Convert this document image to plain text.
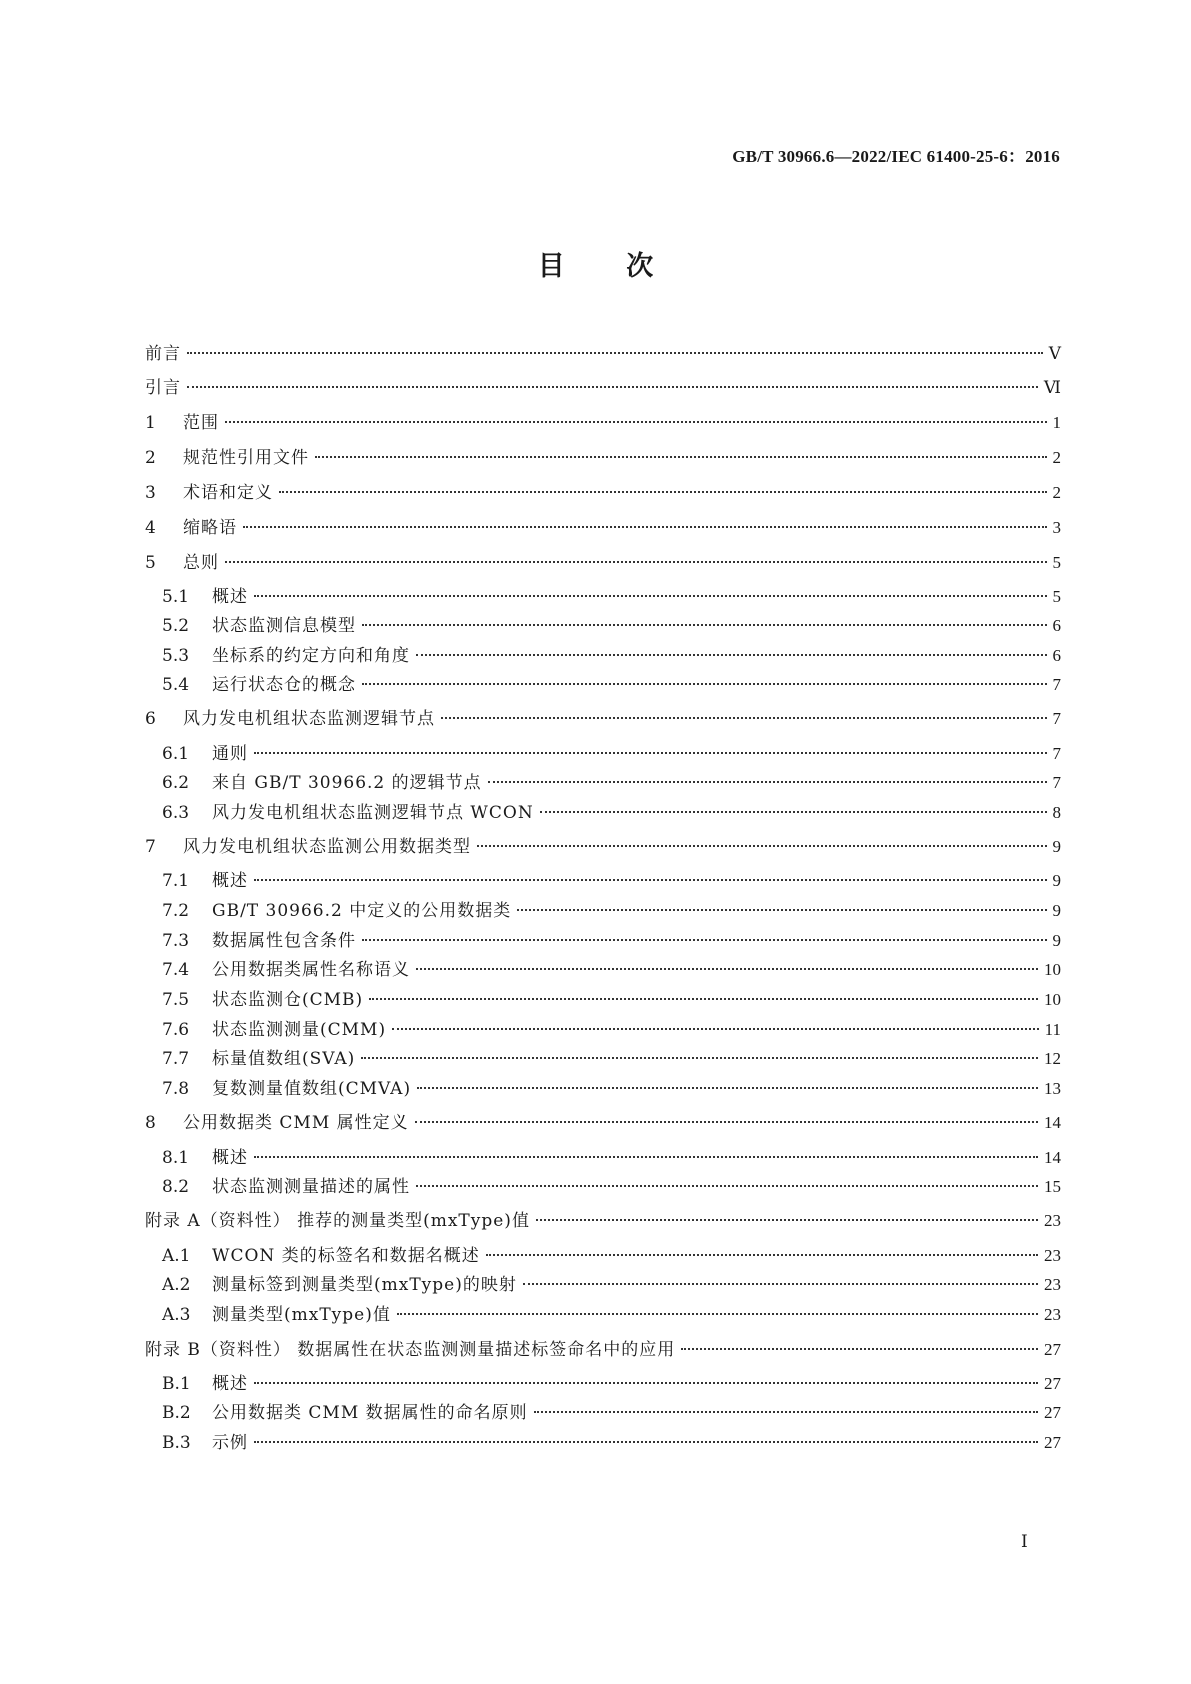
GB/T 30966.6—2022/IEC 61400-25-6：2016
目 次
前言	Ⅴ
引言	Ⅵ
1	范围	1
2	规范性引用文件	2
3	术语和定义	2
4	缩略语	3
5	总则	5
5.1	概述	5
5.2	状态监测信息模型	6
5.3	坐标系的约定方向和角度	6
5.4	运行状态仓的概念	7
6	风力发电机组状态监测逻辑节点	7
6.1	通则	7
6.2	来自 GB/T 30966.2 的逻辑节点	7
6.3	风力发电机组状态监测逻辑节点 WCON	8
7	风力发电机组状态监测公用数据类型	9
7.1	概述	9
7.2	GB/T 30966.2 中定义的公用数据类	9
7.3	数据属性包含条件	9
7.4	公用数据类属性名称语义	10
7.5	状态监测仓(CMB)	10
7.6	状态监测测量(CMM)	11
7.7	标量值数组(SVA)	12
7.8	复数测量值数组(CMVA)	13
8	公用数据类 CMM 属性定义	14
8.1	概述	14
8.2	状态监测测量描述的属性	15
附录 A（资料性） 推荐的测量类型(mxType)值	23
A.1	WCON 类的标签名和数据名概述	23
A.2	测量标签到测量类型(mxType)的映射	23
A.3	测量类型(mxType)值	23
附录 B（资料性） 数据属性在状态监测测量描述标签命名中的应用	27
B.1	概述	27
B.2	公用数据类 CMM 数据属性的命名原则	27
B.3	示例	27
Ⅰ
